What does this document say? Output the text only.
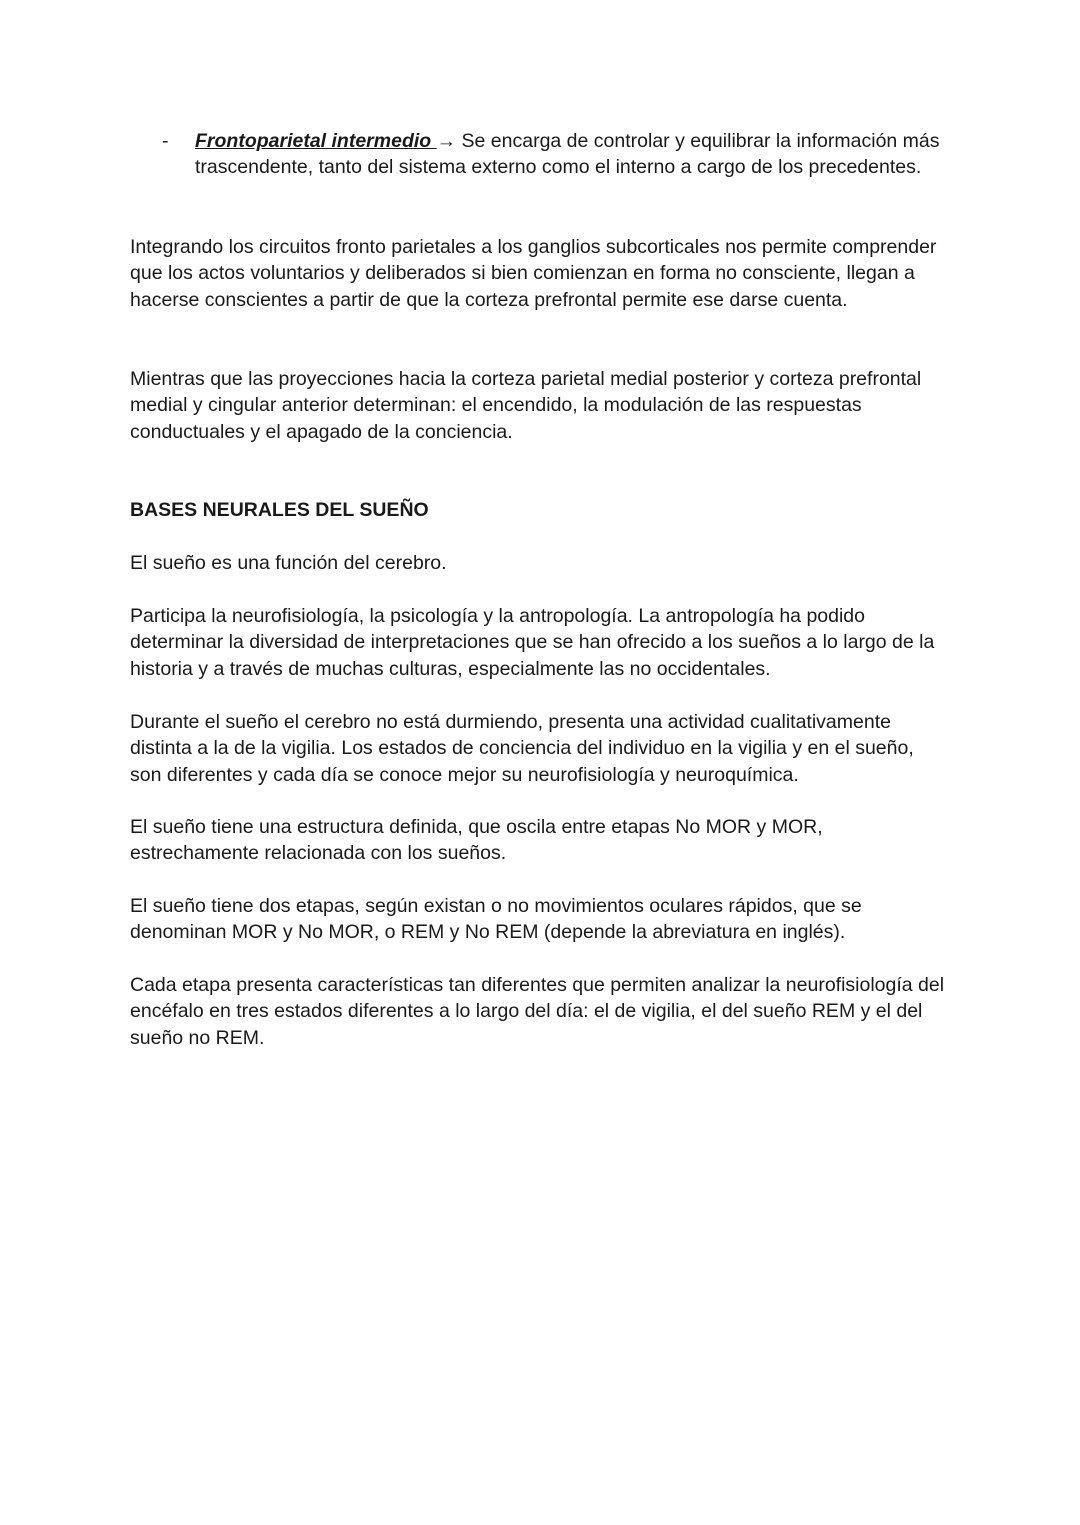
- Frontoparietal intermedio → Se encarga de controlar y equilibrar la información más trascendente, tanto del sistema externo como el interno a cargo de los precedentes.

Integrando los circuitos fronto parietales a los ganglios subcorticales nos permite comprender que los actos voluntarios y deliberados si bien comienzan en forma no consciente, llegan a hacerse conscientes a partir de que la corteza prefrontal permite ese darse cuenta.

Mientras que las proyecciones hacia la corteza parietal medial posterior y corteza prefrontal medial y cingular anterior determinan: el encendido, la modulación de las respuestas conductuales y el apagado de la conciencia.

BASES NEURALES DEL SUEÑO

El sueño es una función del cerebro.

Participa la neurofisiología, la psicología y la antropología. La antropología ha podido determinar la diversidad de interpretaciones que se han ofrecido a los sueños a lo largo de la historia y a través de muchas culturas, especialmente las no occidentales.

Durante el sueño el cerebro no está durmiendo, presenta una actividad cualitativamente distinta a la de la vigilia. Los estados de conciencia del individuo en la vigilia y en el sueño, son diferentes y cada día se conoce mejor su neurofisiología y neuroquímica.

El sueño tiene una estructura definida, que oscila entre etapas No MOR y MOR, estrechamente relacionada con los sueños.

El sueño tiene dos etapas, según existan o no movimientos oculares rápidos, que se denominan MOR y No MOR, o REM y No REM (depende la abreviatura en inglés).

Cada etapa presenta características tan diferentes que permiten analizar la neurofisiología del encéfalo en tres estados diferentes a lo largo del día: el de vigilia, el del sueño REM y el del sueño no REM.
